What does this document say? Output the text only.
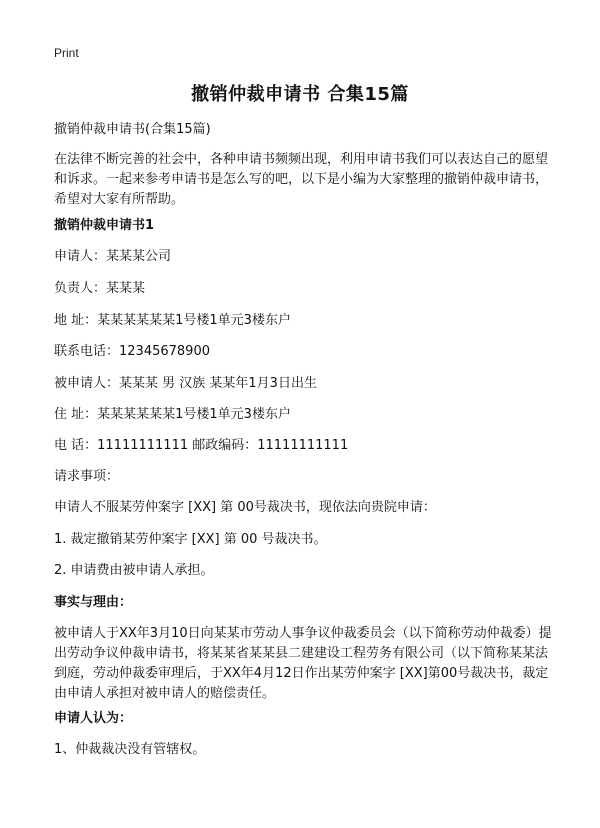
Print
撤销仲裁申请书 合集15篇
撤销仲裁申请书(合集15篇)
在法律不断完善的社会中，各种申请书频频出现，利用申请书我们可以表达自己的愿望和诉求。一起来参考申请书是怎么写的吧，以下是小编为大家整理的撤销仲裁申请书，希望对大家有所帮助。
撤销仲裁申请书1
申请人：某某某公司
负责人：某某某
地 址：某某某某某某1号楼1单元3楼东户
联系电话：12345678900
被申请人：某某某 男 汉族 某某年1月3日出生
住 址：某某某某某某1号楼1单元3楼东户
电 话：11111111111 邮政编码：11111111111
请求事项：
申请人不服某劳仲案字 [XX] 第 00号裁决书，现依法向贵院申请：
1. 裁定撤销某劳仲案字 [XX] 第 00 号裁决书。
2. 申请费由被申请人承担。
事实与理由：
被申请人于XX年3月10日向某某市劳动人事争议仲裁委员会（以下简称劳动仲裁委）提出劳动争议仲裁申请书，将某某省某某县二建建设工程劳务有限公司（以下简称某某法到庭，劳动仲裁委审理后，于XX年4月12日作出某劳仲案字 [XX]第00号裁决书，裁定由申请人承担对被申请人的赔偿责任。
申请人认为：
1、仲裁裁决没有管辖权。
